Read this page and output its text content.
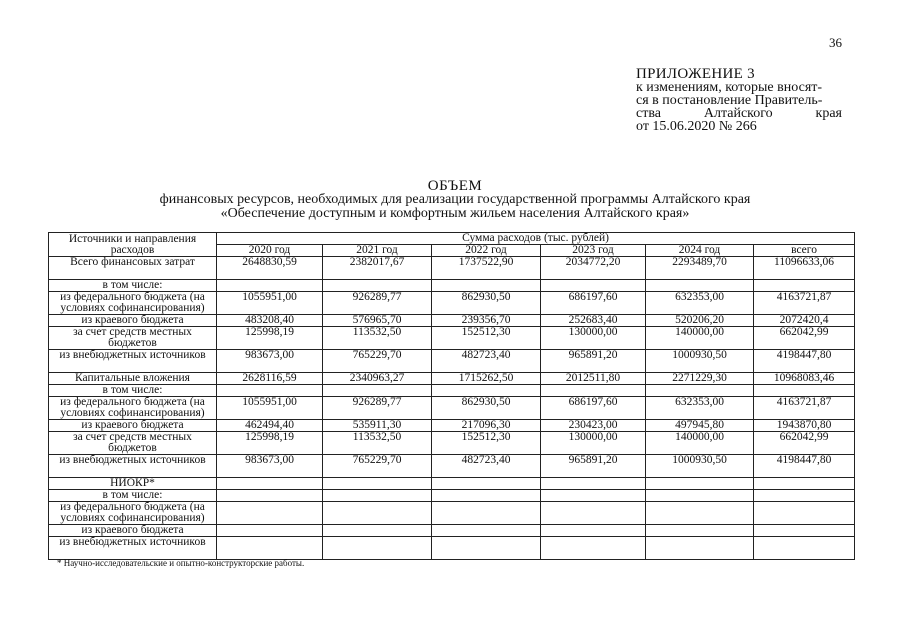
36
ПРИЛОЖЕНИЕ 3
к изменениям, которые вносят-
ся в постановление Правитель-
ства Алтайского края
от 15.06.2020 № 266
ОБЪЕМ
финансовых ресурсов, необходимых для реализации государственной программы Алтайского края
«Обеспечение доступным и комфортным жильем населения Алтайского края»
Источники и направления расходов	Сумма расходов (тыс. рублей)					
	2020 год	2021 год	2022 год	2023 год	2024 год	всего
Всего финансовых затрат	2648830,59	2382017,67	1737522,90	2034772,20	2293489,70	11096633,06
в том числе:						
из федерального бюджета (на условиях софинансирования)	1055951,00	926289,77	862930,50	686197,60	632353,00	4163721,87
из краевого бюджета	483208,40	576965,70	239356,70	252683,40	520206,20	2072420,4
за счет средств местных бюджетов	125998,19	113532,50	152512,30	130000,00	140000,00	662042,99
из внебюджетных источников	983673,00	765229,70	482723,40	965891,20	1000930,50	4198447,80
Капитальные вложения	2628116,59	2340963,27	1715262,50	2012511,80	2271229,30	10968083,46
в том числе:						
из федерального бюджета (на условиях софинансирования)	1055951,00	926289,77	862930,50	686197,60	632353,00	4163721,87
из краевого бюджета	462494,40	535911,30	217096,30	230423,00	497945,80	1943870,80
за счет средств местных бюджетов	125998,19	113532,50	152512,30	130000,00	140000,00	662042,99
из внебюджетных источников	983673,00	765229,70	482723,40	965891,20	1000930,50	4198447,80
НИОКР*						
в том числе:						
из федерального бюджета (на условиях софинансирования)						
из краевого бюджета						
из внебюджетных источников						
* Научно-исследовательские и опытно-конструкторские работы.
